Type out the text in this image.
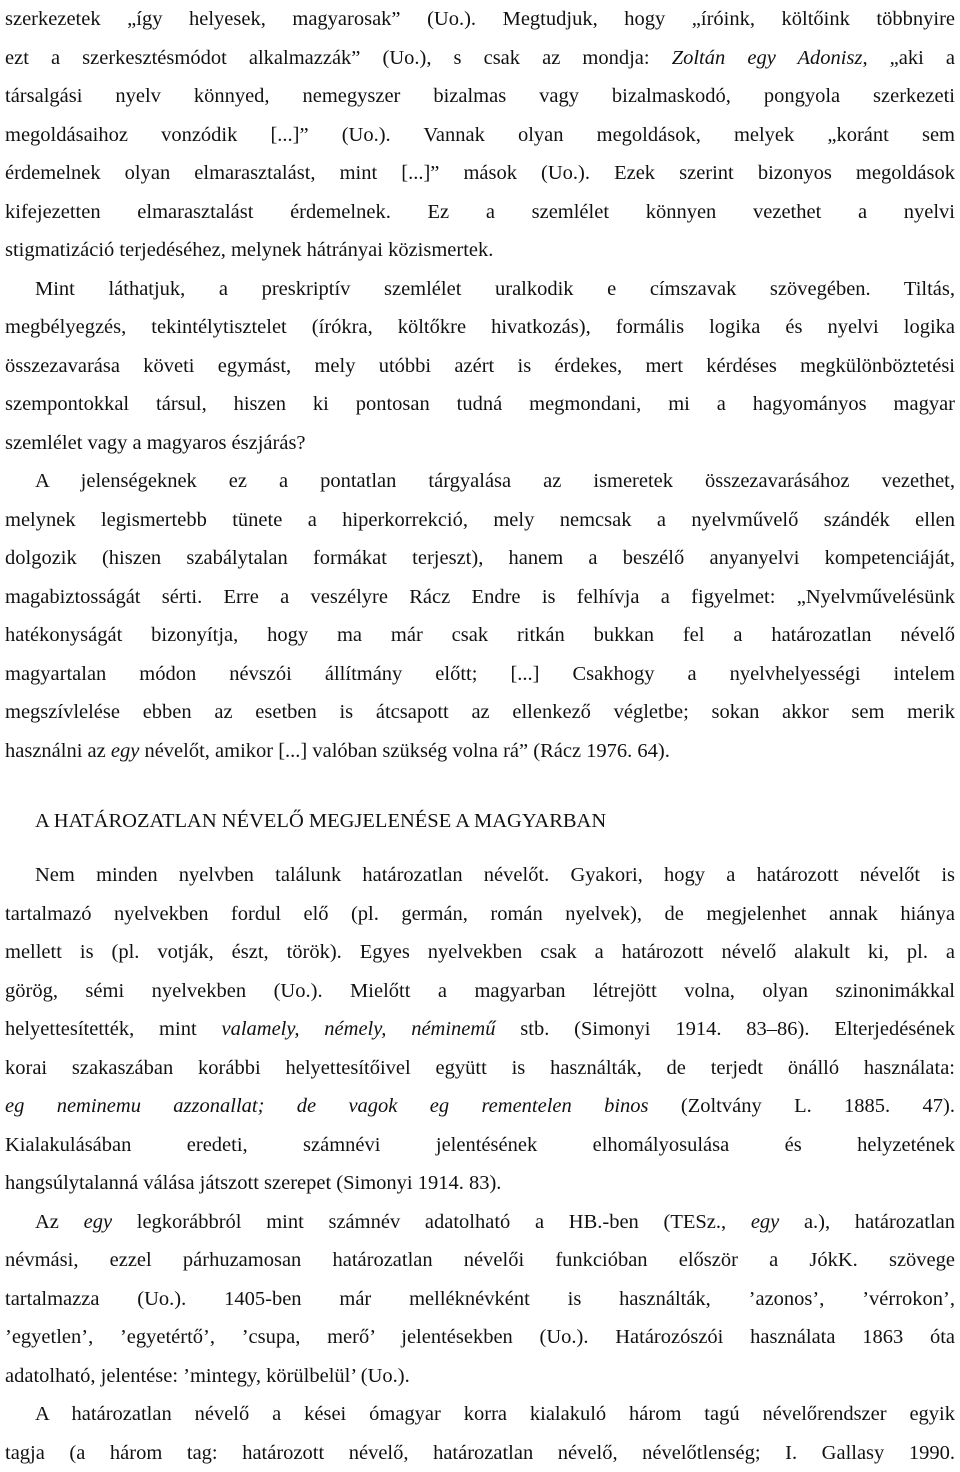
szerkezetek „így helyesek, magyarosak” (Uo.). Megtudjuk, hogy „íróink, költőink többnyire
ezt a szerkesztésmódot alkalmazzák” (Uo.), s csak az mondja: Zoltán egy Adonisz, „aki a
társalgási nyelv könnyed, nemegyszer bizalmas vagy bizalmaskodó, pongyola szerkezeti
megoldásaihoz vonzódik [...]” (Uo.). Vannak olyan megoldások, melyek „koránt sem
érdemelnek olyan elmarasztalást, mint [...]” mások (Uo.). Ezek szerint bizonyos megoldások
kifejezetten elmarasztalást érdemelnek. Ez a szemlélet könnyen vezethet a nyelvi
stigmatizáció terjedéséhez, melynek hátrányai közismertek.
Mint láthatjuk, a preskriptív szemlélet uralkodik e címszavak szövegében. Tiltás,
megbélyegzés, tekintélytisztelet (írókra, költőkre hivatkozás), formális logika és nyelvi logika
összezavarása követi egymást, mely utóbbi azért is érdekes, mert kérdéses megkülönböztetési
szempontokkal társul, hiszen ki pontosan tudná megmondani, mi a hagyományos magyar
szemlélet vagy a magyaros észjárás?
A jelenségeknek ez a pontatlan tárgyalása az ismeretek összezavarásához vezethet,
melynek legismertebb tünete a hiperkorrekció, mely nemcsak a nyelvművelő szándék ellen
dolgozik (hiszen szabálytalan formákat terjeszt), hanem a beszélő anyanyelvi kompetenciáját,
magabiztosságát sérti. Erre a veszélyre Rácz Endre is felhívja a figyelmet: „Nyelvművelésünk
hatékonyságát bizonyítja, hogy ma már csak ritkán bukkan fel a határozatlan névelő
magyartalan módon névszói állítmány előtt; [...] Csakhogy a nyelvhelyességi intelem
megszívlelése ebben az esetben is átcsapott az ellenkező végletbe; sokan akkor sem merik
használni az egy névelőt, amikor [...] valóban szükség volna rá” (Rácz 1976. 64).
A HATÁROZATLAN NÉVELŐ MEGJELENÉSE A MAGYARBAN
Nem minden nyelvben találunk határozatlan névelőt. Gyakori, hogy a határozott névelőt is
tartalmazó nyelvekben fordul elő (pl. germán, román nyelvek), de megjelenhet annak hiánya
mellett is (pl. votják, észt, török). Egyes nyelvekben csak a határozott névelő alakult ki, pl. a
görög, sémi nyelvekben (Uo.). Mielőtt a magyarban létrejött volna, olyan szinonimákkal
helyettesítették, mint valamely, némely, néminemű stb. (Simonyi 1914. 83–86). Elterjedésének
korai szakaszában korábbi helyettesítőivel együtt is használták, de terjedt önálló használata:
eg neminemu azzonallat; de vagok eg rementelen binos (Zoltvány L. 1885. 47).
Kialakulásában eredeti, számnévi jelentésének elhomályosulása és helyzetének
hangsúlytalanná válása játszott szerepet (Simonyi 1914. 83).
Az egy legkorábbról mint számnév adatolható a HB.-ben (TESz., egy a.), határozatlan
névmási, ezzel párhuzamosan határozatlan névelői funkcióban először a JókK. szövege
tartalmazza (Uo.). 1405-ben már melléknévként is használták, ’azonos’, ’vérrokon’,
’egyetlen’, ’egyetértő’, ’csupa, merő’ jelentésekben (Uo.). Határozószói használata 1863 óta
adatolható, jelentése: ’mintegy, körülbelül’ (Uo.).
A határozatlan névelő a kései ómagyar korra kialakuló három tagú névelőrendszer egyik
tagja (a három tag: határozott névelő, határozatlan névelő, névelőtlenség; I. Gallasy 1990.
